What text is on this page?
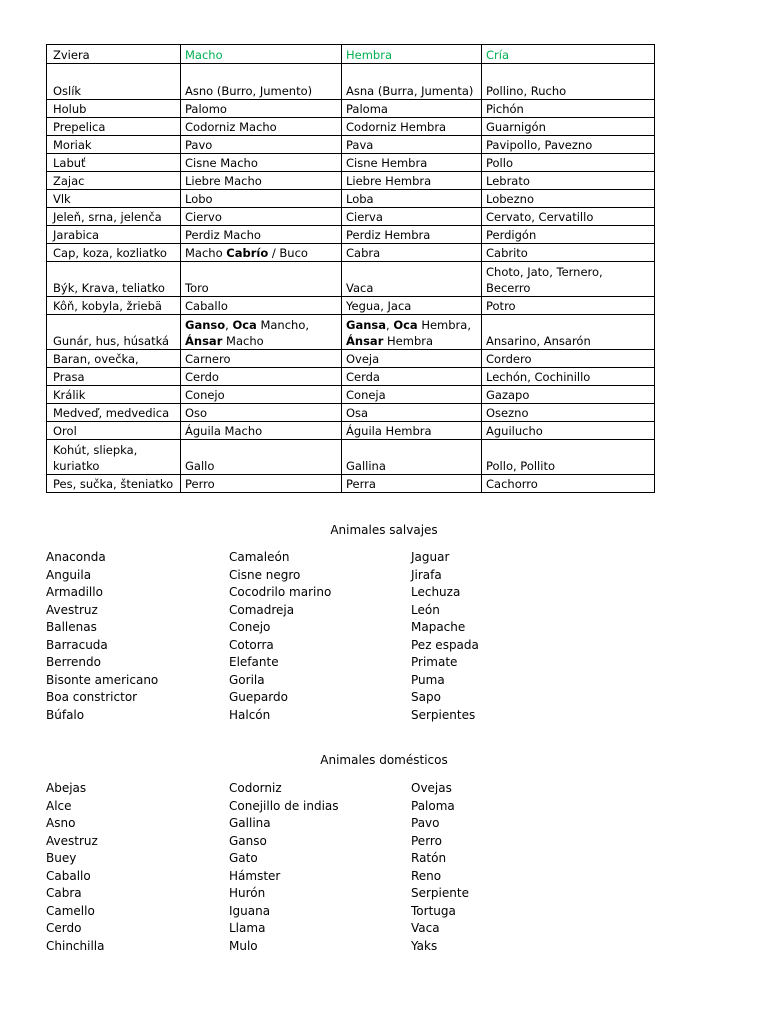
Zviera	Macho	Hembra	Cría
Oslík	Asno (Burro, Jumento)	Asna (Burra, Jumenta)	Pollino, Rucho
Holub	Palomo	Paloma	Pichón
Prepelica	Codorniz Macho	Codorniz Hembra	Guarnigón
Moriak	Pavo	Pava	Pavipollo, Pavezno
Labuť	Cisne Macho	Cisne Hembra	Pollo
Zajac	Liebre Macho	Liebre Hembra	Lebrato
Vlk	Lobo	Loba	Lobezno
Jeleň, srna, jelenča	Ciervo	Cierva	Cervato, Cervatillo
Jarabica	Perdiz Macho	Perdiz Hembra	Perdigón
Cap, koza, kozliatko	Macho Cabrío / Buco	Cabra	Cabrito
Býk, Krava, teliatko	Toro	Vaca	Choto, Jato, Ternero, Becerro
Kôň, kobyla, žriebä	Caballo	Yegua, Jaca	Potro
Gunár, hus, húsatká	Ganso, Oca Mancho, Ánsar Macho	Gansa, Oca Hembra, Ánsar Hembra	Ansarino, Ansarón
Baran, ovečka,	Carnero	Oveja	Cordero
Prasa	Cerdo	Cerda	Lechón, Cochinillo
Králik	Conejo	Coneja	Gazapo
Medveď, medvedica	Oso	Osa	Osezno
Orol	Águila Macho	Águila Hembra	Aguilucho
Kohút, sliepka, kuriatko	Gallo	Gallina	Pollo, Pollito
Pes, sučka, šteniatko	Perro	Perra	Cachorro
Animales salvajes
Anaconda
Anguila
Armadillo
Avestruz
Ballenas
Barracuda
Berrendo
Bisonte americano
Boa constrictor
Búfalo
Camaleón
Cisne negro
Cocodrilo marino
Comadreja
Conejo
Cotorra
Elefante
Gorila
Guepardo
Halcón
Jaguar
Jirafa
Lechuza
León
Mapache
Pez espada
Primate
Puma
Sapo
Serpientes
Animales domésticos
Abejas
Alce
Asno
Avestruz
Buey
Caballo
Cabra
Camello
Cerdo
Chinchilla
Codorniz
Conejillo de indias
Gallina
Ganso
Gato
Hámster
Hurón
Iguana
Llama
Mulo
Ovejas
Paloma
Pavo
Perro
Ratón
Reno
Serpiente
Tortuga
Vaca
Yaks
